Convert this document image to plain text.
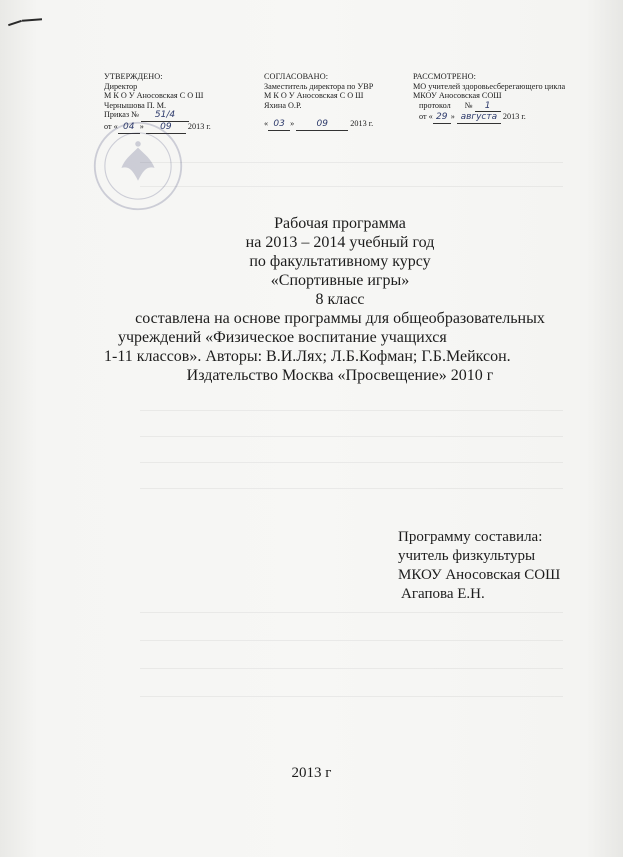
УТВЕРЖДЕНО:
Директор
М К О У Аносовская С О Ш
Чернышова П. М.
Приказ № 51/4
от « 04 » 09 2013 г.
СОГЛАСОВАНО:
Заместитель директора по УВР
М К О У Аносовская С О Ш
Яхина О.Р.
« 03 » 09	2013 г.
РАССМОТРЕНО:
МО учителей здоровьесберегающего цикла
МКОУ Аносовская СОШ
протокол № 1
от « 29 » августа 2013 г.
Рабочая программа
на 2013 – 2014 учебный год
по факультативному курсу
«Спортивные игры»
8 класс
составлена на основе программы для общеобразовательных
учреждений «Физическое воспитание учащихся
1-11 классов». Авторы: В.И.Лях; Л.Б.Кофман; Г.Б.Мейксон.
Издательство Москва «Просвещение» 2010 г
Программу составила:
учитель физкультуры
МКОУ Аносовская СОШ
Агапова Е.Н.
2013 г
